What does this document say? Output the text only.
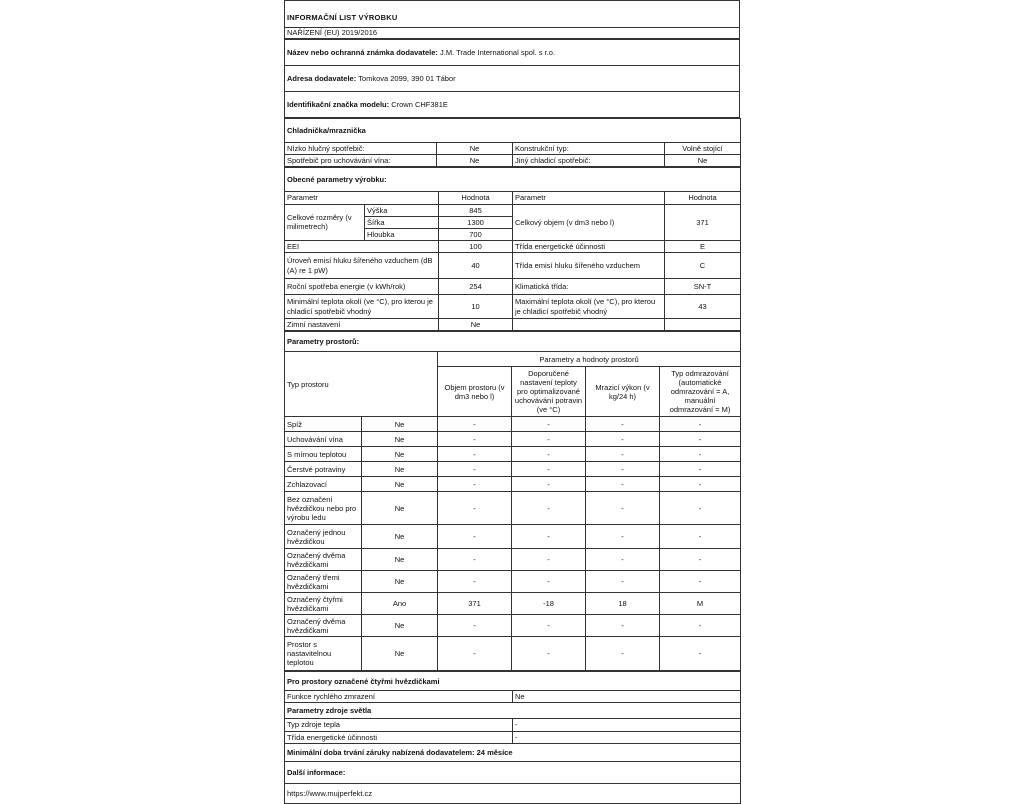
INFORMAČNÍ LIST VÝROBKU
NAŘÍZENÍ (EU) 2019/2016
Název nebo ochranná známka dodavatele: J.M. Trade International spol. s r.o.
Adresa dodavatele: Tomkova 2099, 390 01 Tábor
Identifikační značka modelu: Crown CHF381E
Chladnička/mraznička			
Nízko hlučný spotřebič:	Ne	Konstrukční typ:	Volně stojící
Spotřebič pro uchovávání vína:	Ne	Jiný chladicí spotřebič:	Ne
Obecné parametry výrobku:				
Parametr		Hodnota	Parametr	Hodnota
Celkové rozměry (v milimetrech)	Výška	845	Celkový objem (v dm3 nebo l)	371
	Šířka	1300		
	Hloubka	700		
EEI		100	Třída energetické účinnosti	E
Úroveň emisí hluku šířeného vzduchem (dB (A) re 1 pW)		40	Třída emisí hluku šířeného vzduchem	C
Roční spotřeba energie (v kWh/rok)		254	Klimatická třída:	SN-T
Minimální teplota okolí (ve °C), pro kterou je chladicí spotřebič vhodný		10	Maximální teplota okolí (ve °C), pro kterou je chladicí spotřebič vhodný	43
Zimní nastavení		Ne		
Parametry prostorů:					
Typ prostoru		Parametry a hodnoty prostorů			
		Objem prostoru (v dm3 nebo l)	Doporučené nastavení teploty pro optimalizované uchovávání potravin (ve °C)	Mrazicí výkon (v kg/24 h)	Typ odmrazování (automatické odmrazování = A, manuální odmrazování = M)
Spíž	Ne	-	-	-	-
Uchovávání vína	Ne	-	-	-	-
S mírnou teplotou	Ne	-	-	-	-
Čerstvé potraviny	Ne	-	-	-	-
Zchlazovací	Ne	-	-	-	-
Bez označení hvězdičkou nebo pro výrobu ledu	Ne	-	-	-	-
Označený jednou hvězdičkou	Ne	-	-	-	-
Označený dvěma hvězdičkami	Ne	-	-	-	-
Označený třemi hvězdičkami	Ne	-	-	-	-
Označený čtyřmi hvězdičkami	Ano	371	-18	18	M
Označený dvěma hvězdičkami	Ne	-	-	-	-
Prostor s nastavitelnou teplotou	Ne	-	-	-	-
Pro prostory označené čtyřmi hvězdičkami	
Funkce rychlého zmrazení	Ne
Parametry zdroje světla	
Typ zdroje tepla	-
Třída energetické účinnosti	-
Minimální doba trvání záruky nabízená dodavatelem: 24 měsíce	
Další informace:	
https://www.mujperfekt.cz	
